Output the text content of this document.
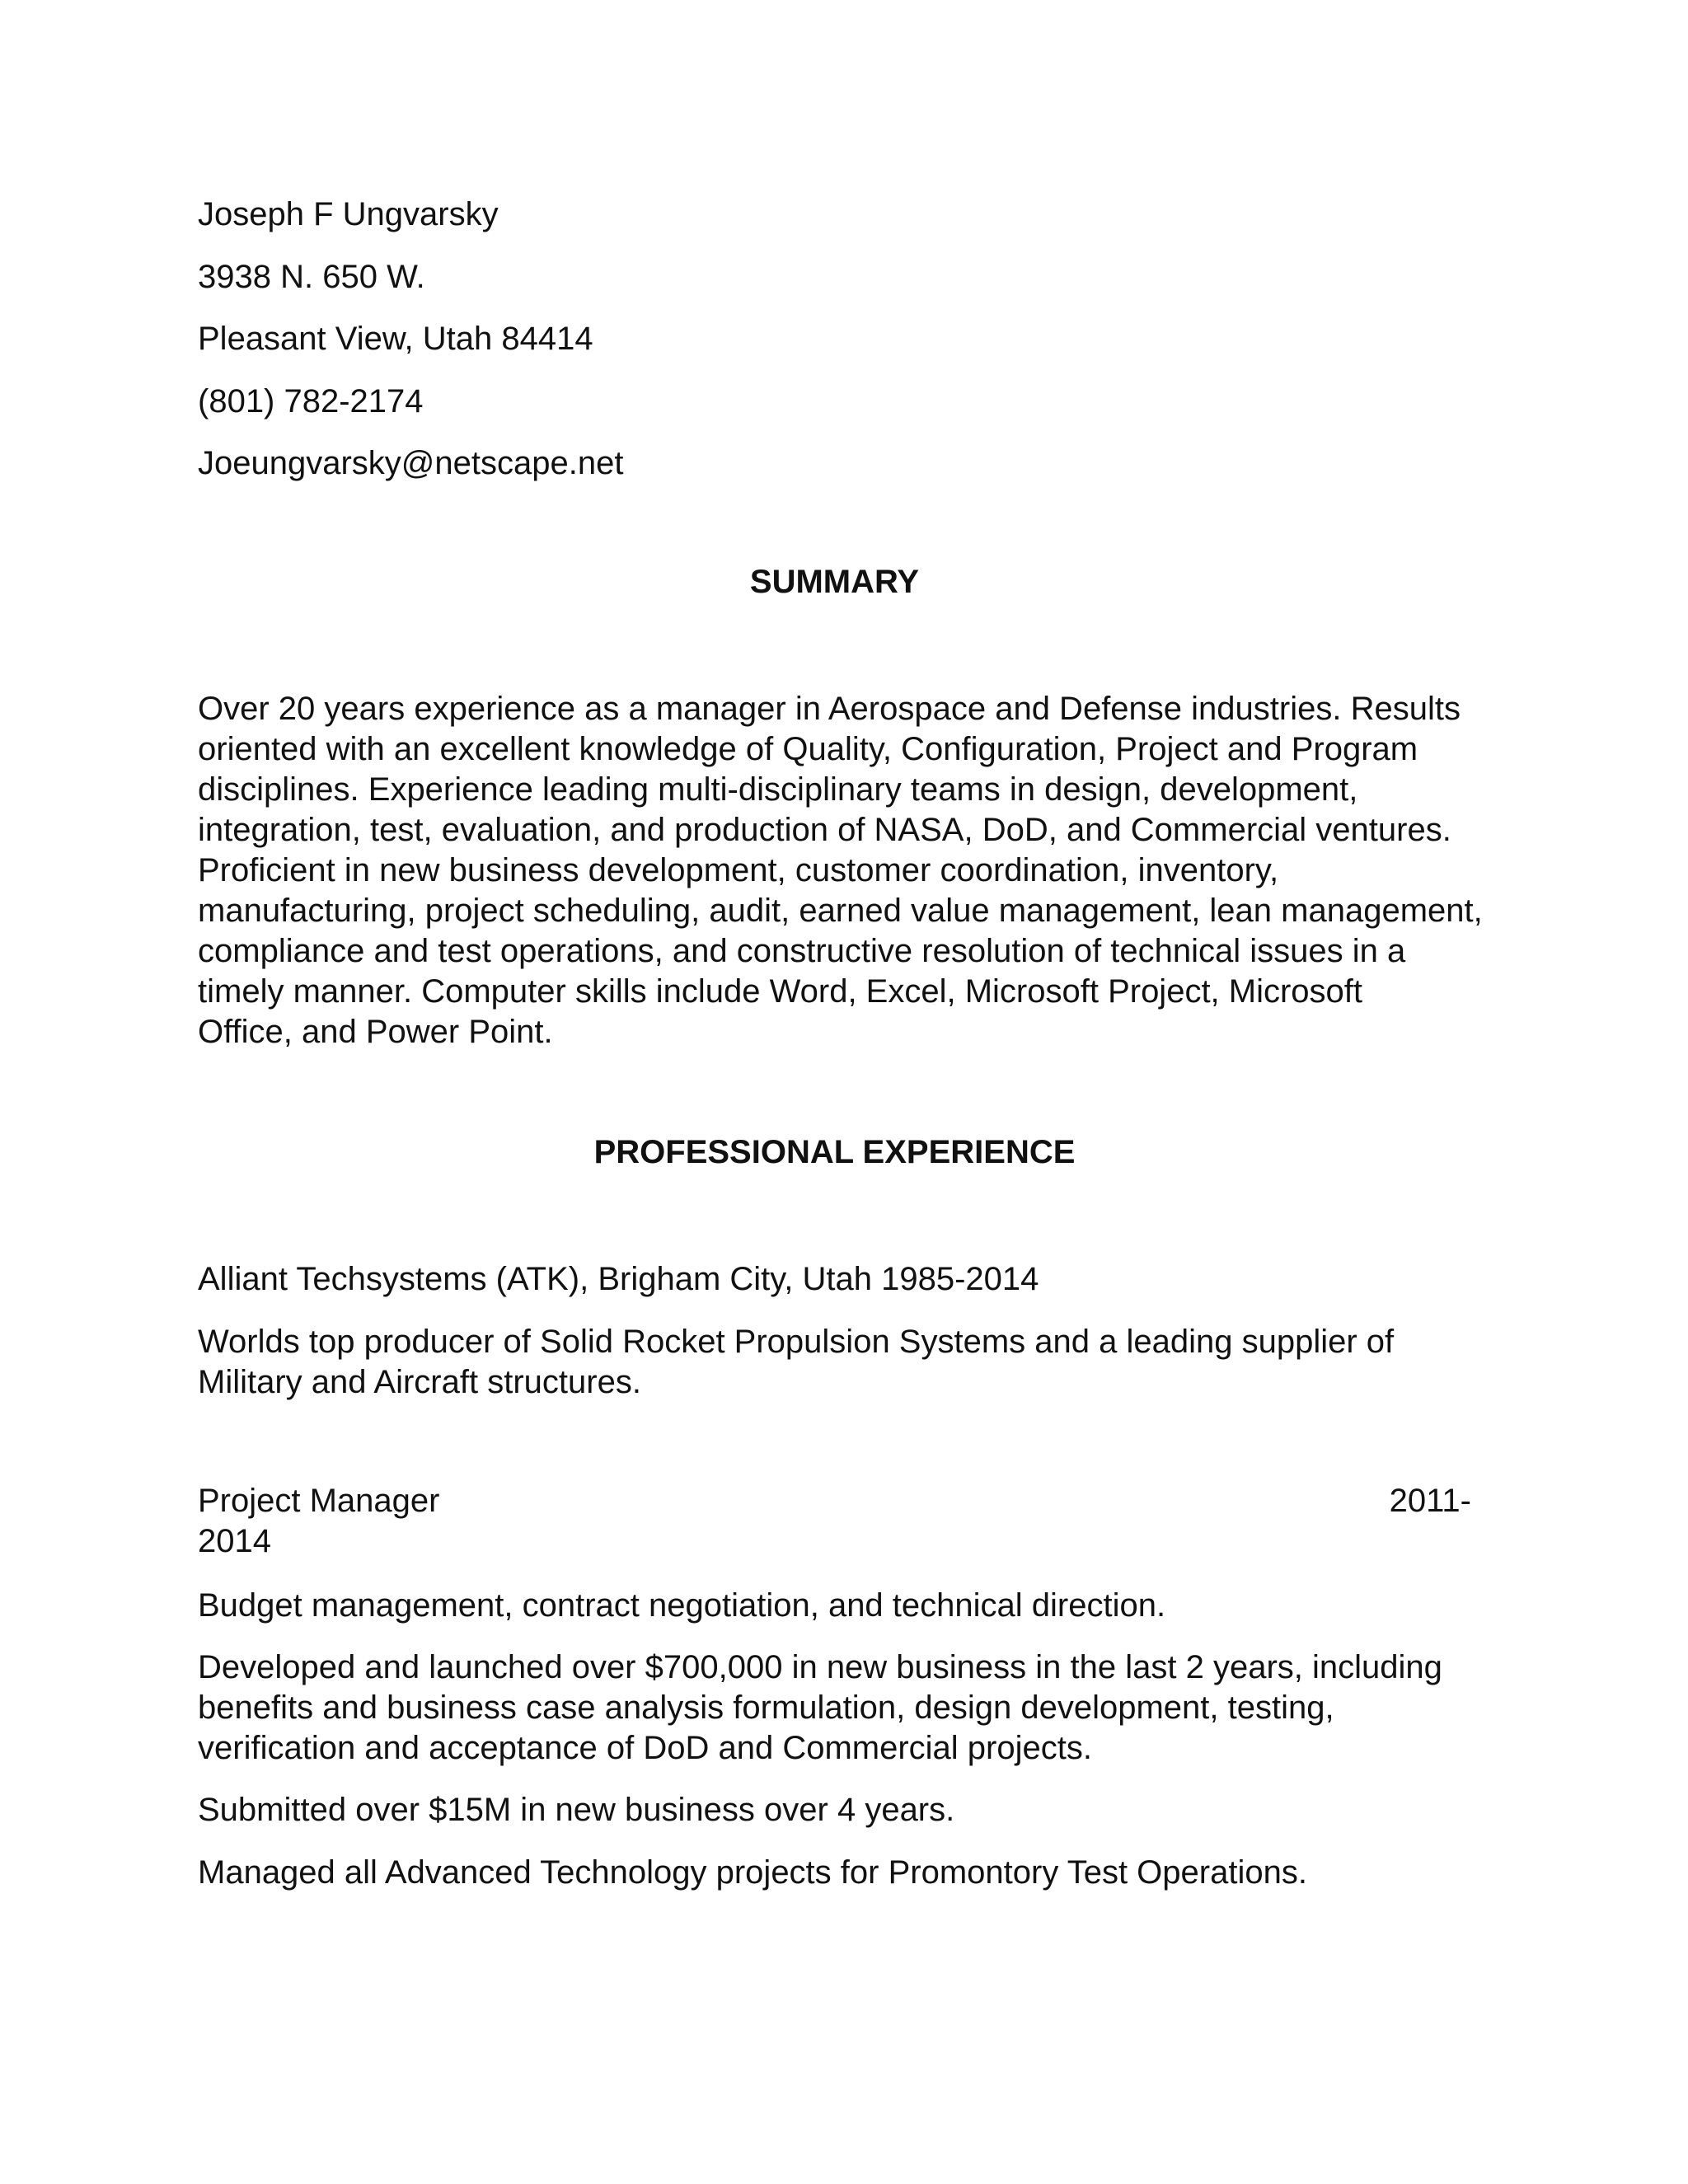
Joseph F Ungvarsky
3938 N. 650 W.
Pleasant View, Utah 84414
(801) 782-2174
Joeungvarsky@netscape.net
SUMMARY
Over 20 years experience as a manager in Aerospace and Defense industries. Results
oriented with an excellent knowledge of Quality, Configuration, Project and Program
disciplines. Experience leading multi-disciplinary teams in design, development,
integration, test, evaluation, and production of NASA, DoD, and Commercial ventures.
Proficient in new business development, customer coordination, inventory,
manufacturing, project scheduling, audit, earned value management, lean management,
compliance and test operations, and constructive resolution of technical issues in a
timely manner. Computer skills include Word, Excel, Microsoft Project, Microsoft
Office, and Power Point.
PROFESSIONAL EXPERIENCE
Alliant Techsystems (ATK), Brigham City, Utah 1985-2014
Worlds top producer of Solid Rocket Propulsion Systems and a leading supplier of
Military and Aircraft structures.
Project Manager	2011-
2014
Budget management, contract negotiation, and technical direction.
Developed and launched over $700,000 in new business in the last 2 years, including
benefits and business case analysis formulation, design development, testing,
verification and acceptance of DoD and Commercial projects.
Submitted over $15M in new business over 4 years.
Managed all Advanced Technology projects for Promontory Test Operations.
